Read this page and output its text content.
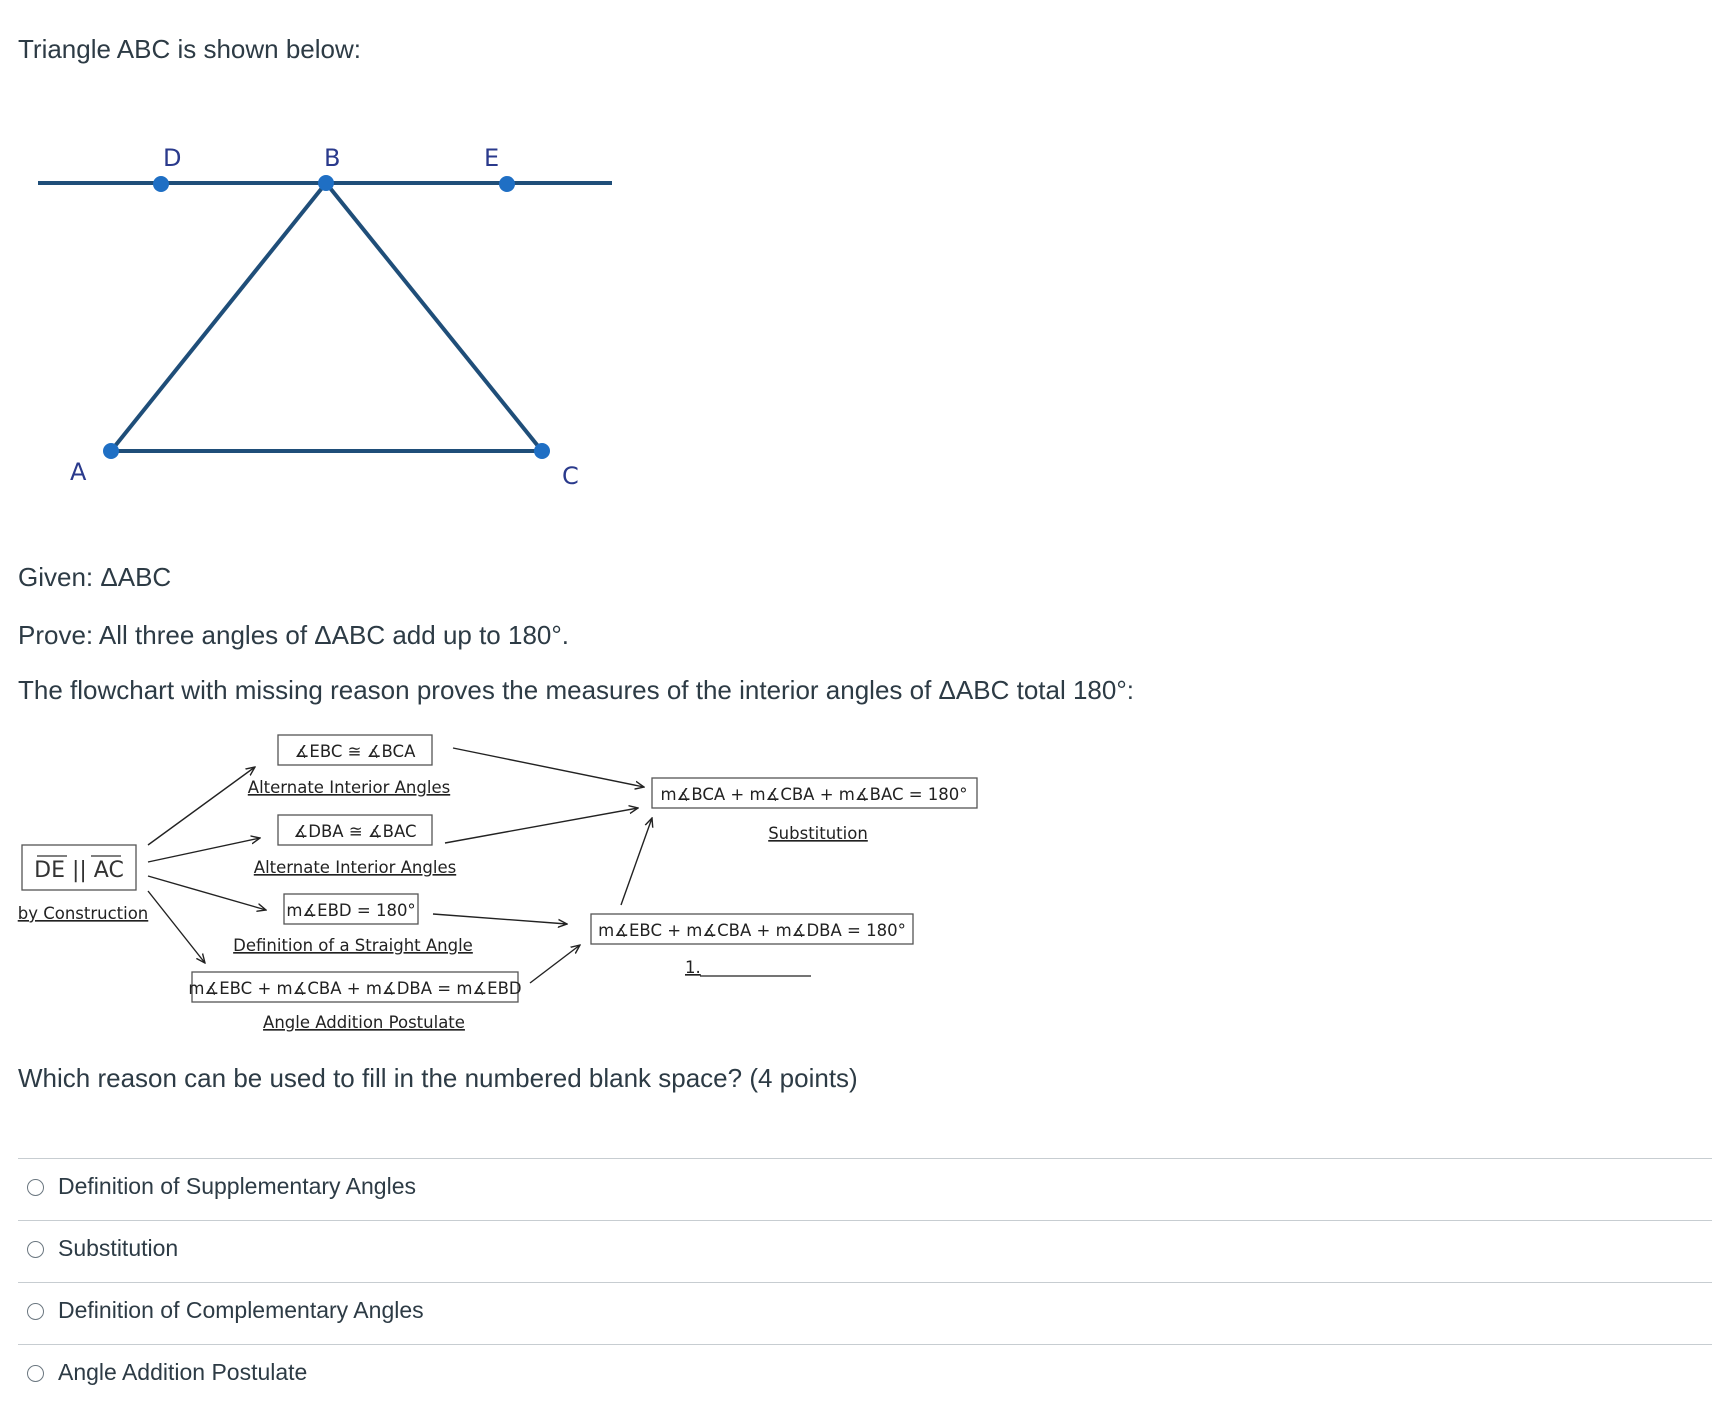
Triangle ABC is shown below:
D	B	E
A	C
DE || AC
by Construction
∡EBC ≅ ∡BCA
Alternate Interior Angles
∡DBA ≅ ∡BAC
Alternate Interior Angles
m∡EBD = 180°
Definition of a Straight Angle
m∡EBC + m∡CBA + m∡DBA = m∡EBD
Angle Addition Postulate
m∡EBC + m∡CBA + m∡DBA = 180°
1.
m∡BCA + m∡CBA + m∡BAC = 180°
Substitution
Given: ΔABC
Prove: All three angles of ΔABC add up to 180°.
The flowchart with missing reason proves the measures of the interior angles of ΔABC total 180°:
Which reason can be used to fill in the numbered blank space? (4 points)
Definition of Supplementary Angles
Substitution
Definition of Complementary Angles
Angle Addition Postulate
